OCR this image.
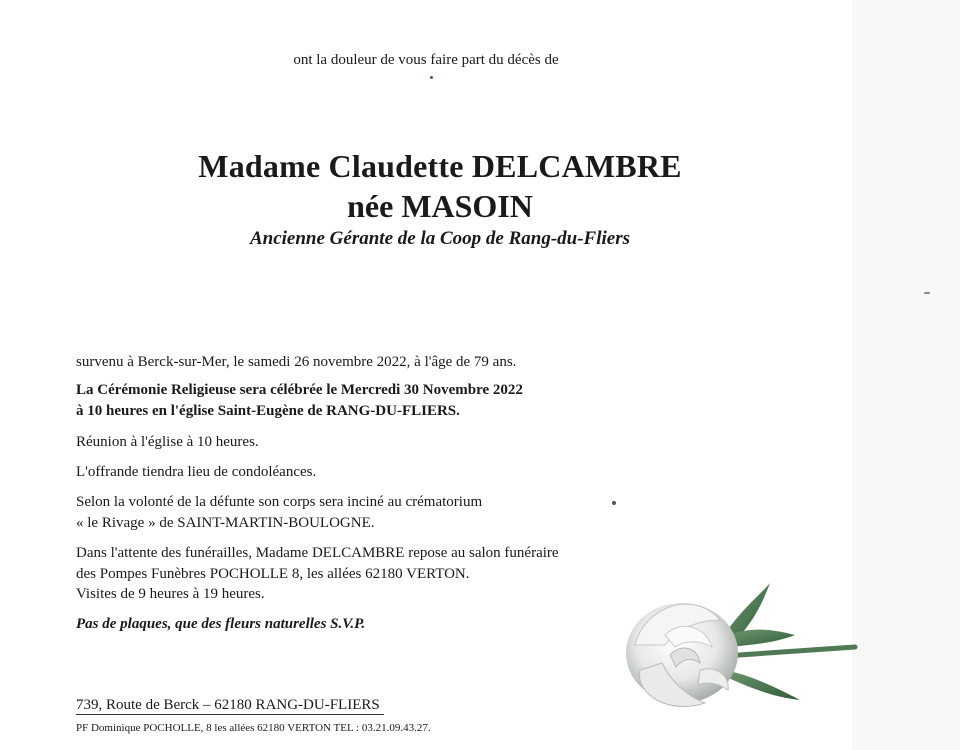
ont la douleur de vous faire part du décès de
Madame Claudette DELCAMBRE
née MASOIN
Ancienne Gérante de la Coop de Rang-du-Fliers
survenu à Berck-sur-Mer, le samedi 26 novembre 2022, à l'âge de 79 ans.
La Cérémonie Religieuse sera célébrée le Mercredi 30 Novembre 2022
à 10 heures en l'église Saint-Eugène de RANG-DU-FLIERS.
Réunion à l'église à 10 heures.
L'offrande tiendra lieu de condoléances.
Selon la volonté de la défunte son corps sera inciné au crématorium
« le Rivage » de SAINT-MARTIN-BOULOGNE.
Dans l'attente des funérailles, Madame DELCAMBRE repose au salon funéraire
des Pompes Funèbres POCHOLLE 8, les allées 62180 VERTON.
Visites de 9 heures à 19 heures.
Pas de plaques, que des fleurs naturelles S.V.P.
739, Route de Berck – 62180 RANG-DU-FLIERS
PF Dominique POCHOLLE, 8 les allées 62180 VERTON TEL : 03.21.09.43.27.
